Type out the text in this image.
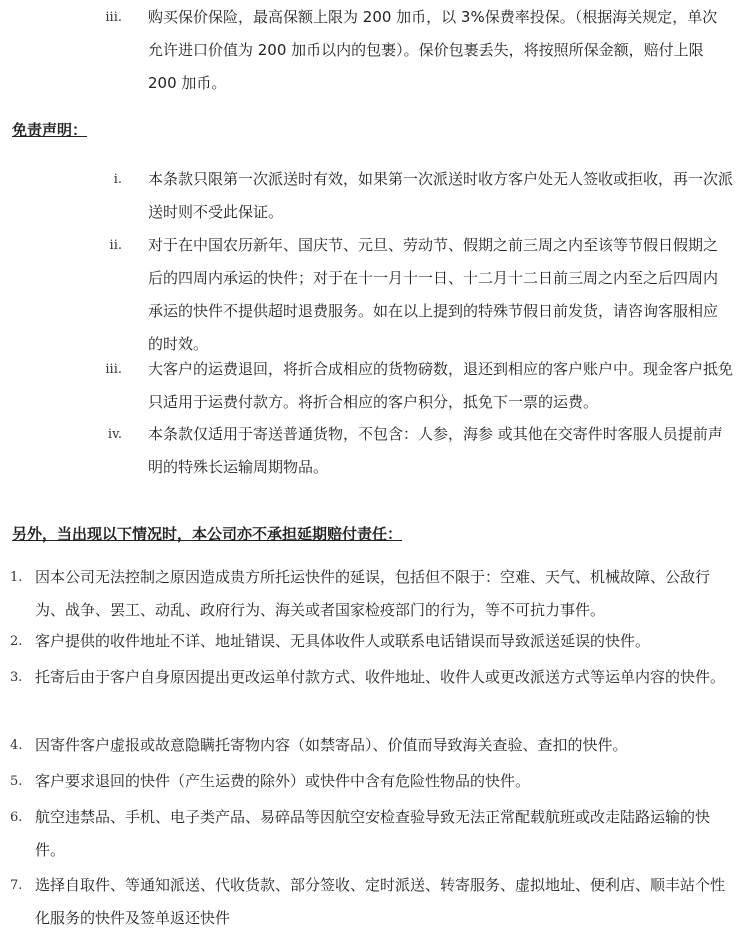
iii. 购买保价保险，最高保额上限为 200 加币，以 3%保费率投保。（根据海关规定，单次允许进口价值为 200 加币以内的包裹）。保价包裹丢失，将按照所保金额，赔付上限 200 加币。
免责声明：
i. 本条款只限第一次派送时有效，如果第一次派送时收方客户处无人签收或拒收，再一次派送时则不受此保证。
ii. 对于在中国农历新年、国庆节、元旦、劳动节、假期之前三周之内至该等节假日假期之后的四周内承运的快件；对于在十一月十一日、十二月十二日前三周之内至之后四周内承运的快件不提供超时退费服务。如在以上提到的特殊节假日前发货，请咨询客服相应的时效。
iii. 大客户的运费退回，将折合成相应的货物磅数，退还到相应的客户账户中。现金客户抵免只适用于运费付款方。将折合相应的客户积分，抵免下一票的运费。
iv. 本条款仅适用于寄送普通货物，不包含：人参，海参 或其他在交寄件时客服人员提前声明的特殊长运输周期物品。
另外，当出现以下情况时，本公司亦不承担延期赔付责任：
1. 因本公司无法控制之原因造成贵方所托运快件的延误，包括但不限于：空难、天气、机械故障、公敌行为、战争、罢工、动乱、政府行为、海关或者国家检疫部门的行为，等不可抗力事件。
2. 客户提供的收件地址不详、地址错误、无具体收件人或联系电话错误而导致派送延误的快件。
3. 托寄后由于客户自身原因提出更改运单付款方式、收件地址、收件人或更改派送方式等运单内容的快件。
4. 因寄件客户虚报或故意隐瞒托寄物内容（如禁寄品）、价值而导致海关查验、查扣的快件。
5. 客户要求退回的快件（产生运费的除外）或快件中含有危险性物品的快件。
6. 航空违禁品、手机、电子类产品、易碎品等因航空安检查验导致无法正常配载航班或改走陆路运输的快件。
7. 选择自取件、等通知派送、代收货款、部分签收、定时派送、转寄服务、虚拟地址、便利店、顺丰站个性化服务的快件及签单返还快件
